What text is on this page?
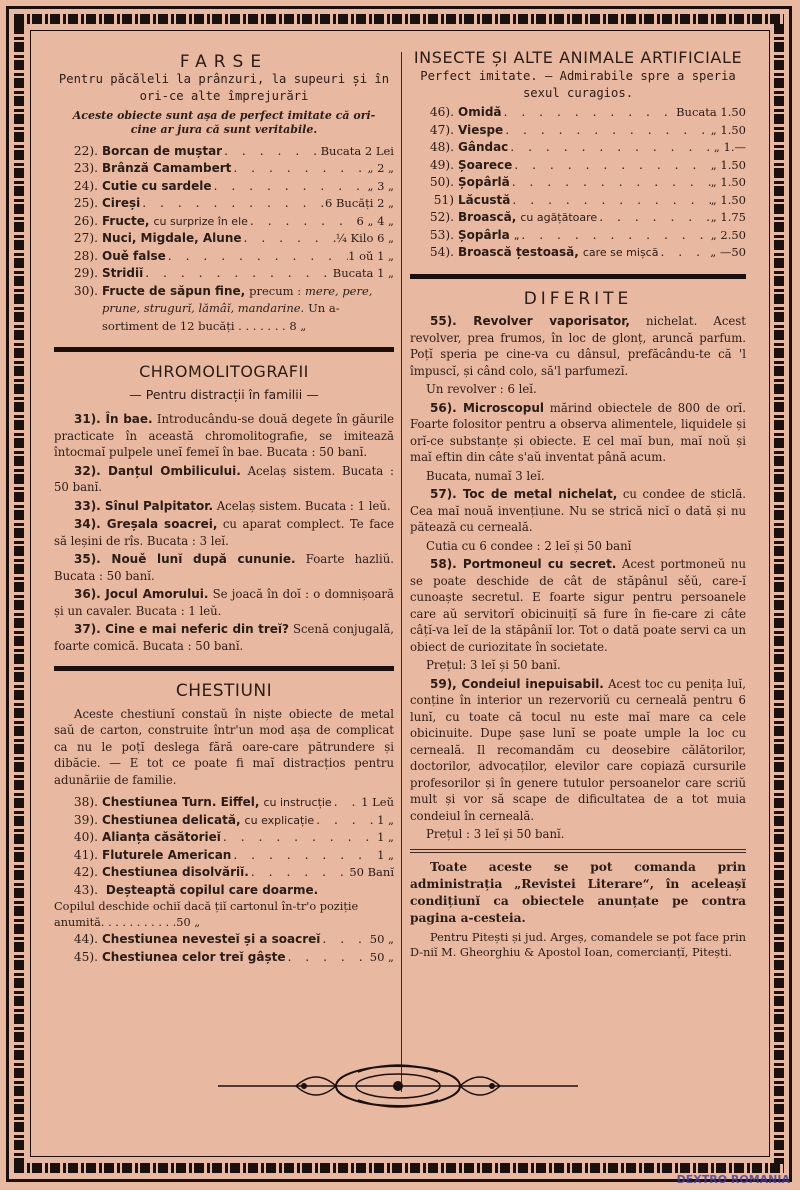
FARSE
Pentru păcăleli la prânzuri, la supeuri și în ori-ce alte împrejurări
Aceste obiecte sunt așa de perfect imitate că ori-cine ar jura că sunt veritabile.
22). Borcan de muștar . . .	Bucata 2 Lei
23). Brânză Camambert . . .	„ 2 „
24). Cutie cu sardele . . .	„ 3 „
25). Cireși . . .	6 Bucăți 2 „
26). Fructe, cu surprize în ele . . .	6 „ 4 „
27). Nuci, Migdale, Alune . . .	¼ Kilo 6 „
28). Ouě false . . .	1 oŭ 1 „
29). Stridiĭ . . .	Bucata 1 „
30). Fructe de săpun fine, precum : mere, pere, prune, strugurĭ, lămâĭ, mandarine. Un a-sortiment de 12 bucăți . . . . . . . 8 „
CHROMOLITOGRAFII
— Pentru distracții în familii —
31). În bae. Introducându-se două degete în găurile practicate în această chromolitografie, se imitează întocmaĭ pulpele uneĭ femeĭ în bae. Bucata : 50 banĭ.
32). Danțul Ombilicului. Acelaș sistem. Bucata : 50 banĭ.
33). Sînul Palpitator. Acelaș sistem. Bucata : 1 leŭ.
34). Greșala soacrei, cu aparat complect. Te face să leșini de rîs. Bucata : 3 leĭ.
35). Nouě lunĭ după cununie. Foarte hazliŭ. Bucata : 50 banĭ.
36). Jocul Amorului. Se joacă în doĭ : o domnișoară și un cavaler. Bucata : 1 leŭ.
37). Cine e mai neferic din treĭ? Scenă conjugală, foarte comică. Bucata : 50 banĭ.
CHESTIUNI
Aceste chestiunĭ constaŭ în niște obiecte de metal saŭ de carton, construite într'un mod așa de complicat ca nu le poțĭ deslega fără oare-care pătrundere și dibăcie. — E tot ce poate fi maĭ distracțios pentru adunăriie de familie.
38). Chestiunea Turn. Eiffel, cu instrucție . . .	1 Leŭ
39). Chestiunea delicată, cu explicație . . .	1 „
40). Alianța căsătorieĭ . . .	1 „
41). Fluturele American . . .	1 „
42). Chestiunea disolvăriĭ. . . .	50 Banĭ
43). Deșteaptă copilul care doarme.
Copilul deschide ochiĭ dacă țiĭ cartonul în-tr'o poziție anumită. . . . . . . . . . .50 „
44). Chestiunea nevesteĭ și a soacreĭ . . .	50 „
45). Chestiunea celor treĭ gâște . . .	50 „
INSECTE ȘI ALTE ANIMALE ARTIFICIALE
Perfect imitate. — Admirabile spre a speria sexul curagios.
46). Omidă . . .	Bucata 1.50
47). Viespe . . .	„ 1.50
48). Gândac . . .	„ 1.—
49). Șoarece . . .	„ 1.50
50). Șopârlă . . .	„ 1.50
51) Lăcustă . . .	„ 1.50
52). Broască, cu agățătoare . . .	„ 1.75
53). Șopârla „ . . .	„ 2.50
54). Broască țestoasă, care se mișcă . . .	„ —50
DIFERITE
55). Revolver vaporisator, nichelat. Acest revolver, prea frumos, în loc de glonț, aruncă parfum. Poțĭ speria pe cine-va cu dânsul, prefăcându-te că 'l împuscĭ, și când colo, să'l parfumezĭ.
Un revolver : 6 leĭ.
56). Microscopul mărind obiectele de 800 de orĭ. Foarte folositor pentru a observa alimentele, liquidele și orĭ-ce substanțe și obiecte. E cel maĭ bun, maĭ noŭ și maĭ eftin din câte s'aŭ inventat până acum.
Bucata, numaĭ 3 leĭ.
57). Toc de metal nichelat, cu condee de sticlă. Cea maĭ nouă invențiune. Nu se strică nicĭ o dată și nu pătează cu cerneală.
Cutia cu 6 condee : 2 leĭ și 50 banĭ
58). Portmoneul cu secret. Acest portmoneŭ nu se poate deschide de cât de stăpânul sěŭ, care-ĭ cunoaște secretul. E foarte sigur pentru persoanele care aŭ servitorĭ obicinuițĭ să fure în fie-care zi câte câțĭ-va leĭ de la stăpâniĭ lor. Tot o dată poate servi ca un obiect de curiozitate în societate.
Prețul: 3 leĭ și 50 banĭ.
59), Condeiul inepuisabil. Acest toc cu penița luĭ, conține în interior un rezervoriŭ cu cerneală pentru 6 lunĭ, cu toate că tocul nu este maĭ mare ca cele obicinuite. Dupe șase lunĭ se poate umple la loc cu cerneală. Il recomandăm cu deosebire călătorilor, doctorilor, advocaților, elevilor care copiază cursurile profesorilor și în genere tutulor persoanelor care scriŭ mult și vor să scape de dificultatea de a tot muia condeiul în cerneală.
Prețul : 3 leĭ și 50 banĭ.
Toate aceste se pot comanda prin administrația „Revistei Literare“, în aceleașĭ condițiunĭ ca obiectele anunțate pe contra pagina a-cesteia.
Pentru Pitești și jud. Argeș, comandele se pot face prin D-niĭ M. Gheorghiu & Apostol Ioan, comercianțĭ, Pitești.
DEXTRO ROMANIA
